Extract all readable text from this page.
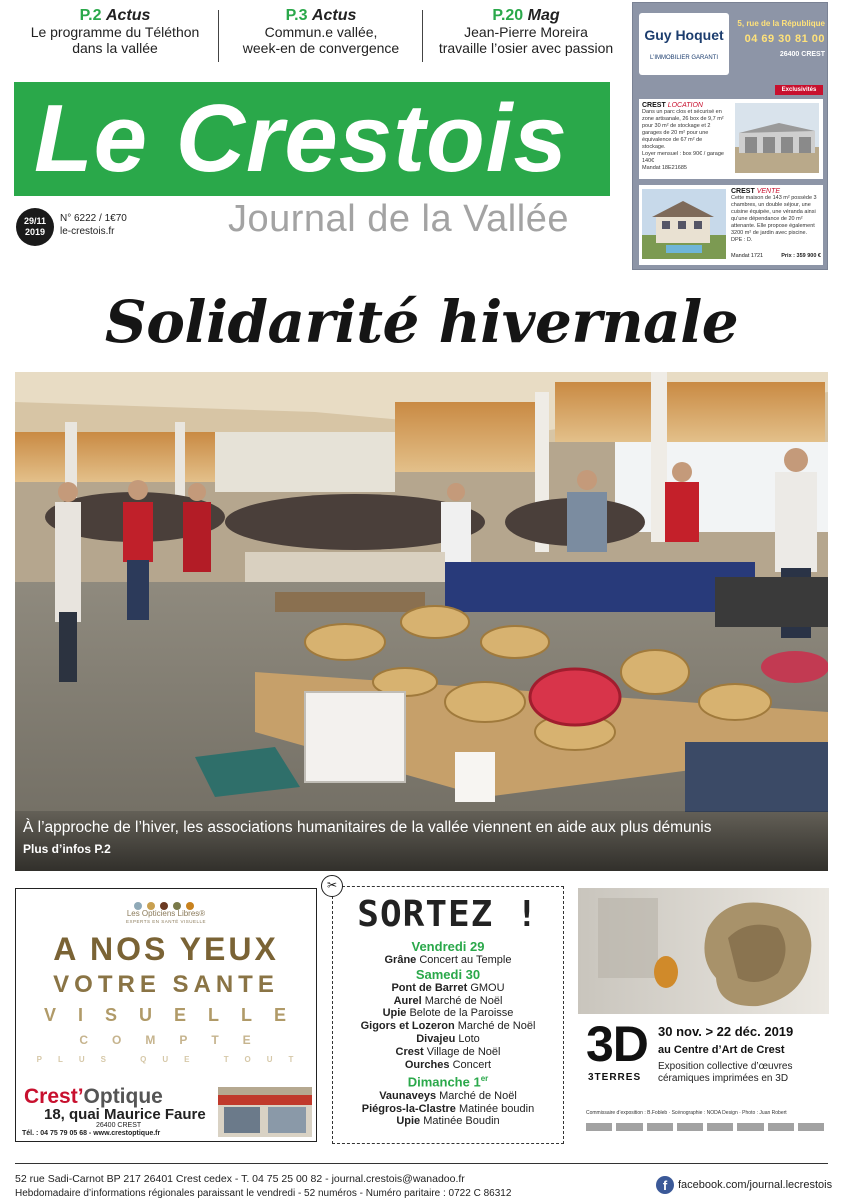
P.2 Actus
Le programme du Téléthon
dans la vallée
P.3 Actus
Commun.e vallée,
week-en de convergence
P.20 Mag
Jean-Pierre Moreira
travaille l’osier avec passion
Le Crestois
29/11
2019
N° 6222 / 1€70
le-crestois.fr	Journal de la Vallée
Guy Hoquet
L’IMMOBILIER GARANTI
5, rue de la République
04 69 30 81 00
26400 CREST
Exclusivités
CREST LOCATION
Dans un parc clos et sécurisé en zone artisanale, 26 box de 9,7 m² pour 30 m² de stockage et 2 garages de 20 m² pour une équivalence de 67 m² de stockage.
Loyer mensuel : box 90€ / garage 140€
Mandat 18E21685
CREST VENTE
Cette maison de 143 m² possède 3 chambres, un double séjour, une cuisine équipée, une véranda ainsi qu’une dépendance de 20 m² attenante. Elle propose également 3200 m² de jardin avec piscine. DPE : D.
Mandat 1721	Prix : 359 900 €
Solidarité hivernale
À l’approche de l’hiver, les associations humanitaires de la vallée viennent en aide aux plus démunis
Plus d’infos P.2
Les Opticiens Libres®
EXPERTS EN SANTÉ VISUELLE
A NOS YEUX
VOTRE SANTE
VISUELLE
COMPTE
PLUS QUE TOUT
Crest’Optique
18, quai Maurice Faure
26400 CREST
Tél. : 04 75 79 05 68 - www.crestoptique.fr
✂
SORTEZ !
Vendredi 29
Grâne Concert au Temple
Samedi 30
Pont de Barret GMOU
Aurel Marché de Noël
Upie Belote de la Paroisse
Gigors et Lozeron Marché de Noël
Divajeu Loto
Crest Village de Noël
Ourches Concert
Dimanche 1er
Vaunaveys Marché de Noël
Piégros-la-Clastre Matinée boudin
Upie Matinée Boudin
3D
3TERRES
30 nov. > 22 déc. 2019
au Centre d’Art de Crest
Exposition collective d’œuvres céramiques imprimées en 3D
Commissaire d’exposition : B.Fobleb · Scénographie : NODA Design · Photo : Juan Robert
52 rue Sadi-Carnot BP 217 26401 Crest cedex - T. 04 75 25 00 82 - journal.crestois@wanadoo.fr
Hebdomadaire d’informations régionales paraissant le vendredi - 52 numéros - Numéro paritaire : 0722 C 86312
f facebook.com/journal.lecrestois
